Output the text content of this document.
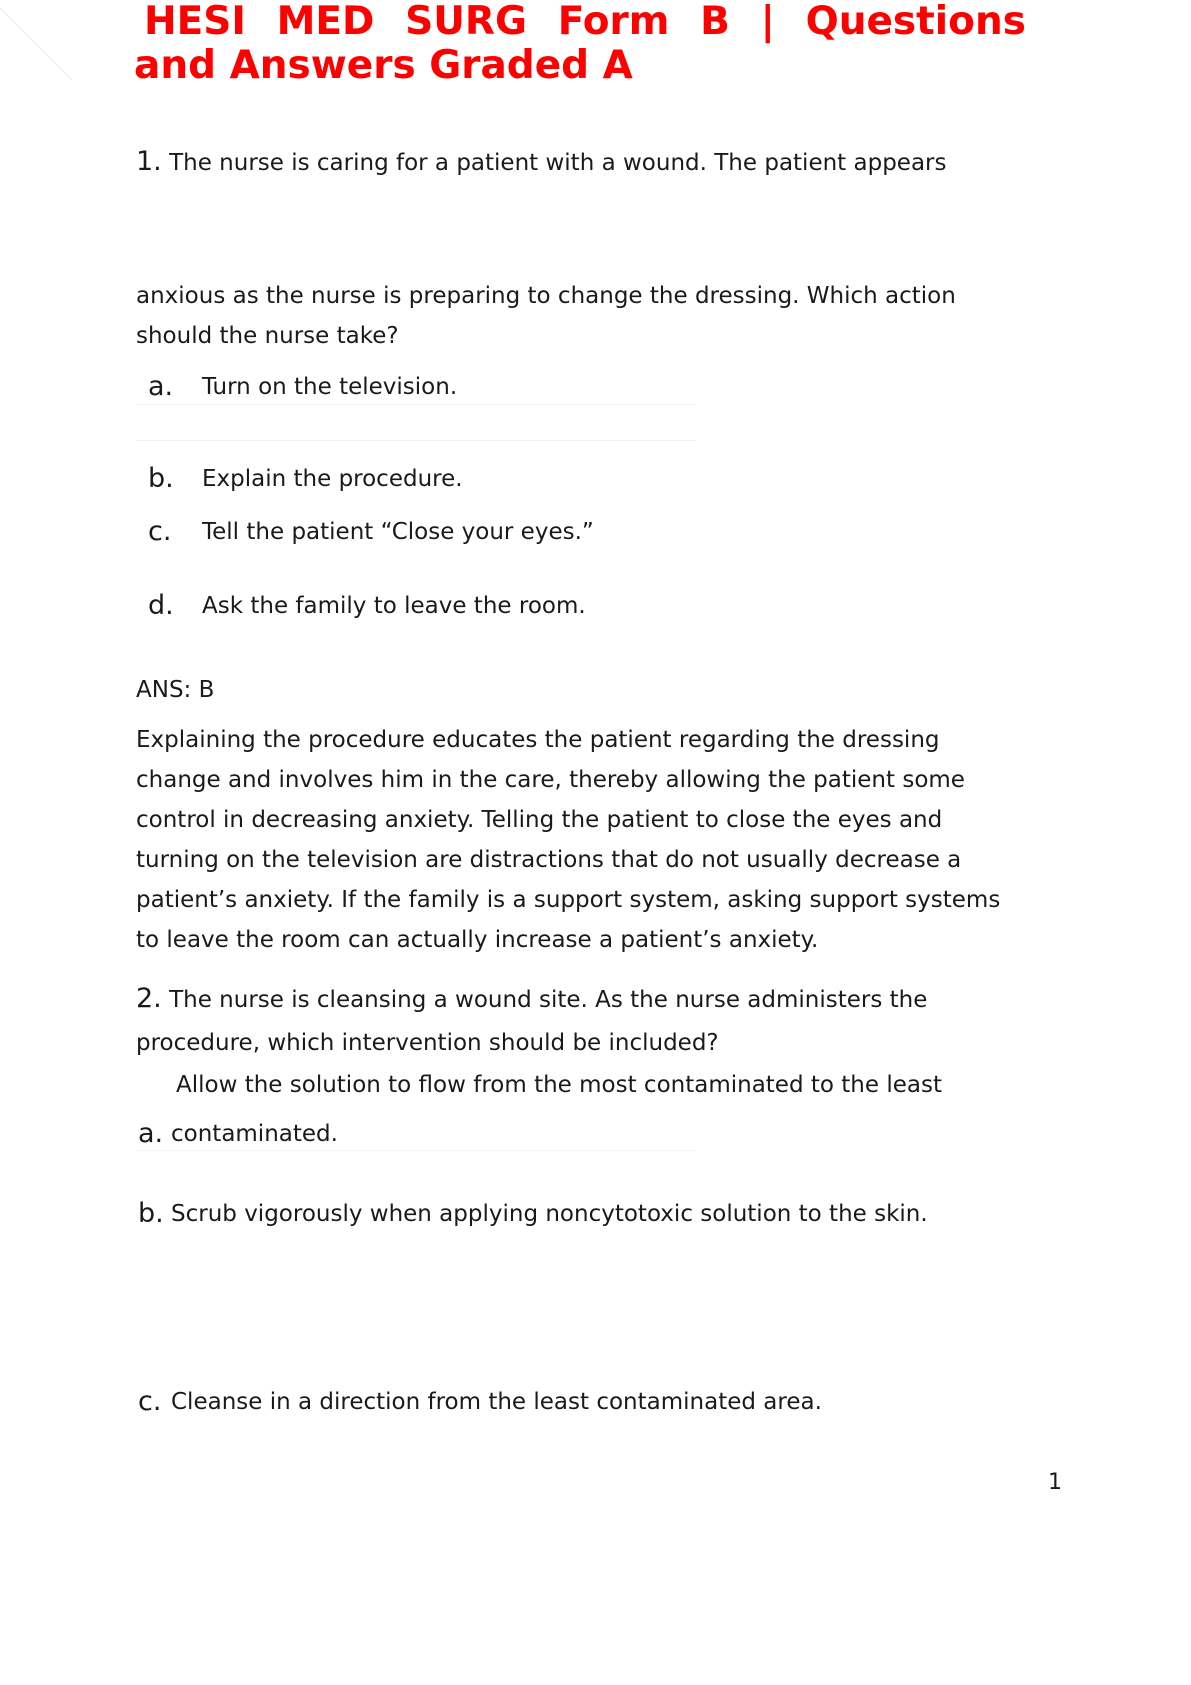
HESI MED SURG Form B | Questions
and Answers Graded A
1. The nurse is caring for a patient with a wound. The patient appears
anxious as the nurse is preparing to change the dressing. Which action
should the nurse take?
a. Turn on the television.
b. Explain the procedure.
c. Tell the patient “Close your eyes.”
d. Ask the family to leave the room.
ANS: B
Explaining the procedure educates the patient regarding the dressing
change and involves him in the care, thereby allowing the patient some
control in decreasing anxiety. Telling the patient to close the eyes and
turning on the television are distractions that do not usually decrease a
patient’s anxiety. If the family is a support system, asking support systems
to leave the room can actually increase a patient’s anxiety.
2. The nurse is cleansing a wound site. As the nurse administers the
procedure, which intervention should be included?
Allow the solution to flow from the most contaminated to the least
a. contaminated.
b. Scrub vigorously when applying noncytotoxic solution to the skin.
c. Cleanse in a direction from the least contaminated area.
1
